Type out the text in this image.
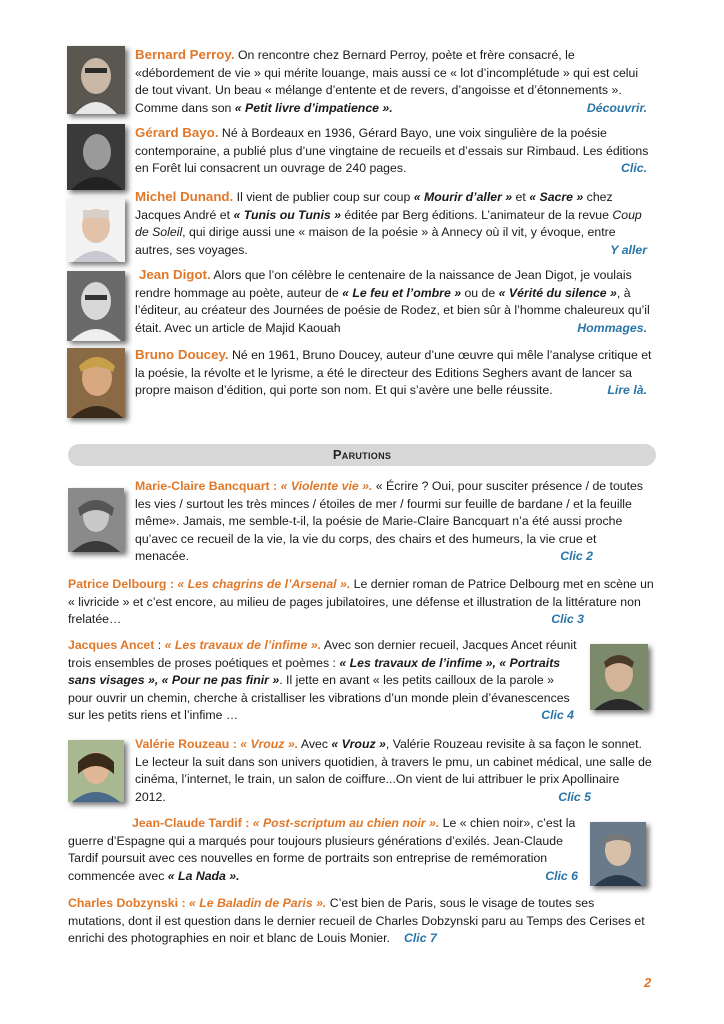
Bernard Perroy. On rencontre chez Bernard Perroy, poète et frère consacré, le «débordement de vie » qui mérite louange, mais aussi ce « lot d’incomplétude » qui est celui de tout vivant. Un beau « mélange d’entente et de revers, d’angoisse et d’étonnements ». Comme dans son « Petit livre d’impatience ».	Découvrir.

Gérard Bayo. Né à Bordeaux en 1936, Gérard Bayo, une voix singulière de la poésie contemporaine, a publié plus d’une vingtaine de recueils et d’essais sur Rimbaud. Les éditions en Forêt lui consacrent un ouvrage de 240 pages.	Clic.

Michel Dunand. Il vient de publier coup sur coup « Mourir d’aller » et « Sacre » chez Jacques André et « Tunis ou Tunis » éditée par Berg éditions. L’animateur de la revue Coup de Soleil, qui dirige aussi une « maison de la poésie » à Annecy où il vit, y évoque, entre autres, ses voyages.	Y aller

Jean Digot. Alors que l’on célèbre le centenaire de la naissance de Jean Digot, je voulais rendre hommage au poète, auteur de « Le feu et l’ombre » ou de « Vérité du silence », à l’éditeur, au créateur des Journées de poésie de Rodez, et bien sûr à l’homme chaleureux qu’il était. Avec un article de Majid Kaouah	Hommages.

Bruno Doucey. Né en 1961, Bruno Doucey, auteur d’une œuvre qui mêle l’analyse critique et la poésie, la révolte et le lyrisme, a été le directeur des Editions Seghers avant de lancer sa propre maison d’édition, qui porte son nom. Et qui s’avère une belle réussite.	Lire là.

Parutions

Marie-Claire Bancquart : « Violente vie ». « Écrire ? Oui, pour susciter présence / de toutes les vies / surtout les très minces / étoiles de mer / fourmi sur feuille de bardane / et la feuille même». Jamais, me semble-t-il, la poésie de Marie-Claire Bancquart n’a été aussi proche qu’avec ce recueil de la vie, la vie du corps, des chairs et des humeurs, la vie crue et menacée.	Clic 2

Patrice Delbourg : « Les chagrins de l’Arsenal ». Le dernier roman de Patrice Delbourg met en scène un « livricide » et c’est encore, au milieu de pages jubilatoires, une défense et illustration de la littérature non frelatée…	Clic 3

Jacques Ancet : « Les travaux de l’infime ». Avec son dernier recueil, Jacques Ancet réunit trois ensembles de proses poétiques et poèmes : « Les travaux de l’infime », « Portraits sans visages », « Pour ne pas finir ». Il jette en avant « les petits cailloux de la parole » pour ouvrir un chemin, cherche à cristalliser les vibrations d’un monde plein d’évanescences sur les petits riens et l’infime …	Clic 4

Valérie Rouzeau : « Vrouz ». Avec « Vrouz », Valérie Rouzeau revisite à sa façon le sonnet. Le lecteur la suit dans son univers quotidien, à travers le pmu, un cabinet médical, une salle de cinéma, l’internet, le train, un salon de coiffure...On vient de lui attribuer le prix Apollinaire 2012.	Clic 5

Jean-Claude Tardif : « Post-scriptum au chien noir ». Le « chien noir», c’est la guerre d’Espagne qui a marqués pour toujours plusieurs générations d’exilés. Jean-Claude Tardif poursuit avec ces nouvelles en forme de portraits son entreprise de remémoration commencée avec « La Nada ».	Clic 6

Charles Dobzynski : « Le Baladin de Paris ». C’est bien de Paris, sous le visage de toutes ses mutations, dont il est question dans le dernier recueil de Charles Dobzynski paru au Temps des Cerises et enrichi des photographies en noir et blanc de Louis Monier. Clic 7

2
